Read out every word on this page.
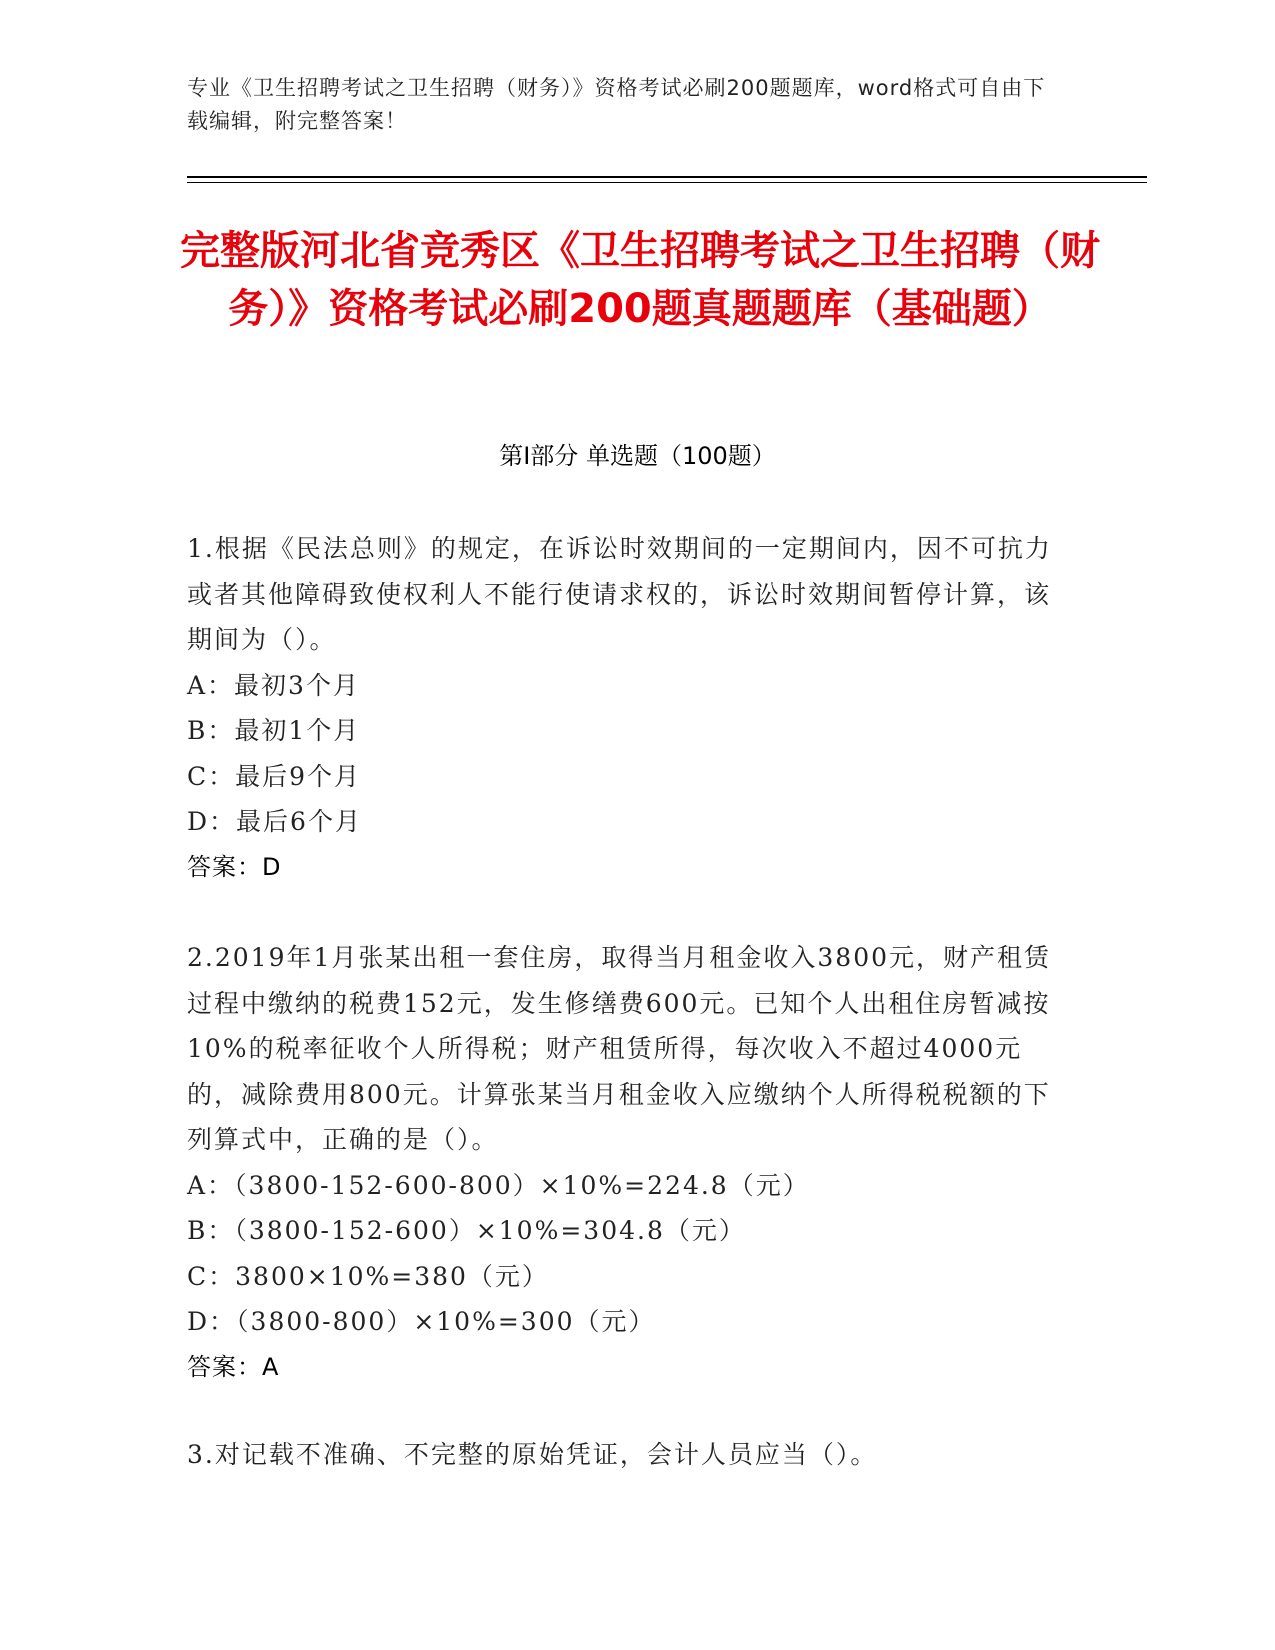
专业《卫生招聘考试之卫生招聘（财务）》资格考试必刷200题题库，word格式可自由下载编辑，附完整答案！
完整版河北省竞秀区《卫生招聘考试之卫生招聘（财务）》资格考试必刷200题真题题库（基础题）
第Ⅰ部分 单选题（100题）
1.根据《民法总则》的规定，在诉讼时效期间的一定期间内，因不可抗力或者其他障碍致使权利人不能行使请求权的，诉讼时效期间暂停计算，该期间为（）。
A：最初3个月
B：最初1个月
C：最后9个月
D：最后6个月
答案：D
2.2019年1月张某出租一套住房，取得当月租金收入3800元，财产租赁过程中缴纳的税费152元，发生修缮费600元。已知个人出租住房暂减按10%的税率征收个人所得税；财产租赁所得，每次收入不超过4000元的，减除费用800元。计算张某当月租金收入应缴纳个人所得税税额的下列算式中，正确的是（）。
A：（3800-152-600-800）×10%=224.8（元）
B：（3800-152-600）×10%=304.8（元）
C：3800×10%=380（元）
D：（3800-800）×10%=300（元）
答案：A
3.对记载不准确、不完整的原始凭证，会计人员应当（）。
